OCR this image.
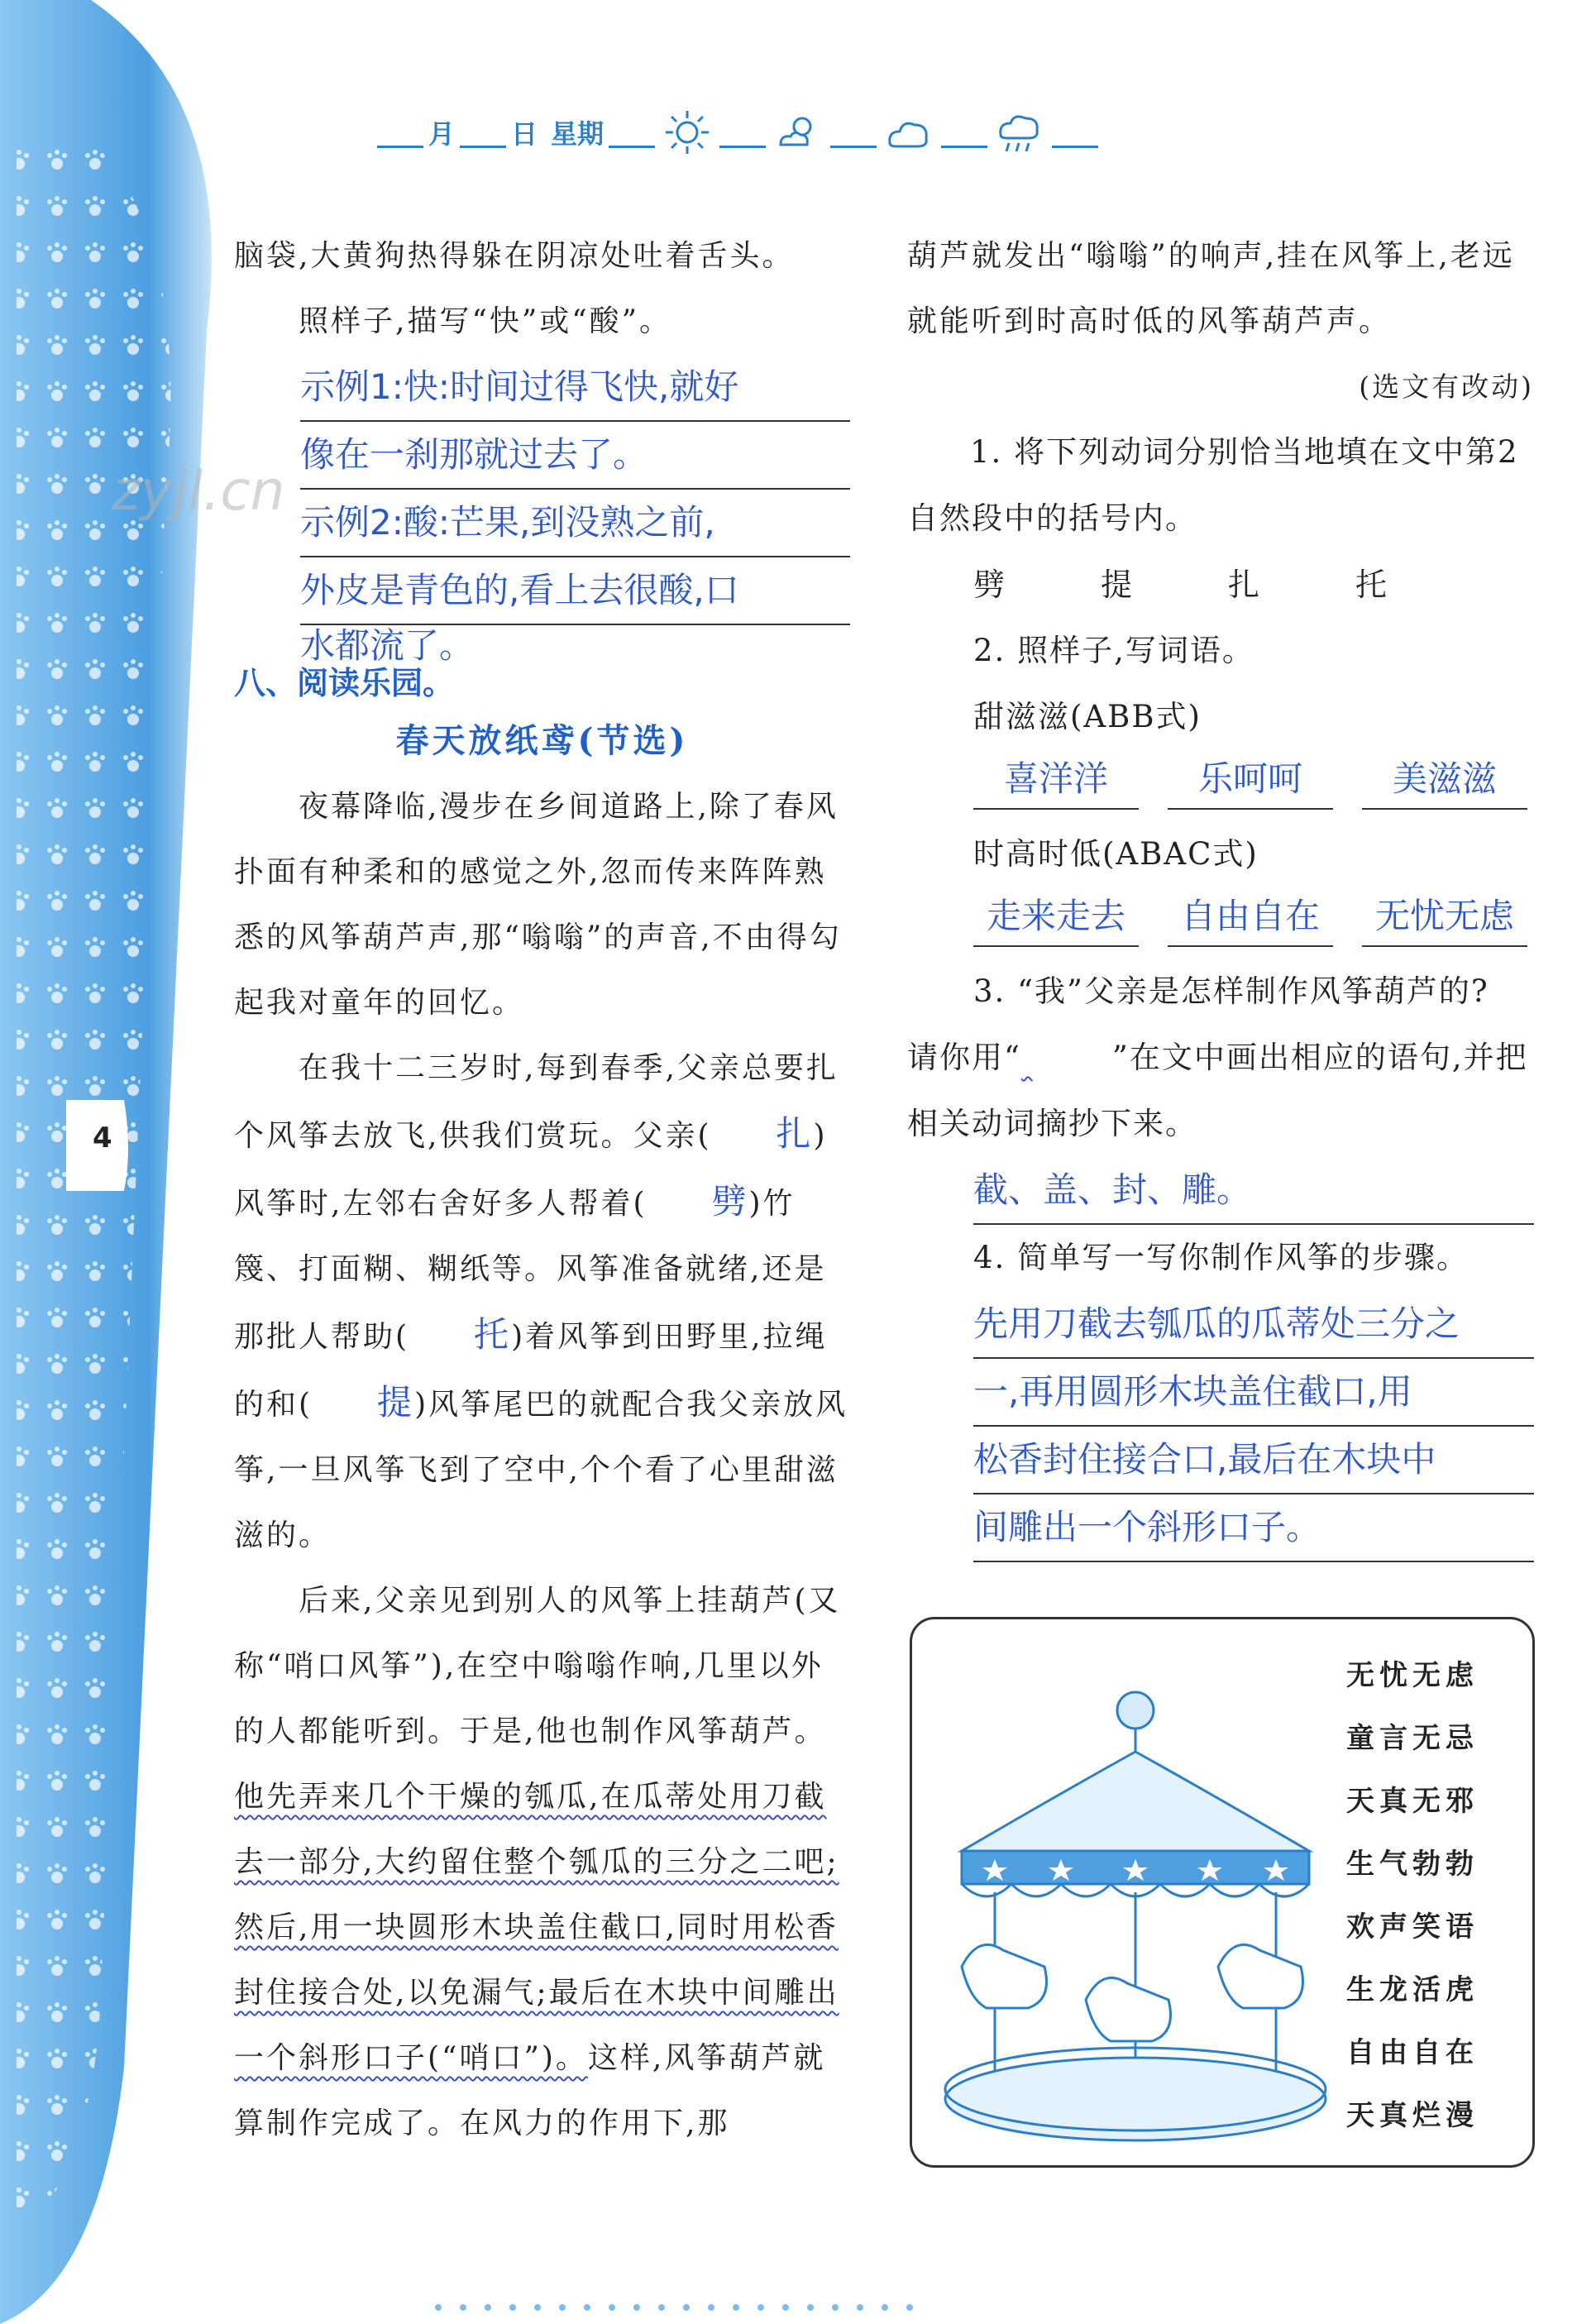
4
zyjl.cn
月 日 星期

脑袋,大黄狗热得躲在阴凉处吐着舌头。

照样子,描写“快”或“酸”。

示例1:快:时间过得飞快,就好
像在一刹那就过去了。
示例2:酸:芒果,到没熟之前,
外皮是青色的,看上去很酸,口
水都流了。
八、阅读乐园。
春天放纸鸢(节选)

夜幕降临,漫步在乡间道路上,除了春风扑面有种柔和的感觉之外,忽而传来阵阵熟悉的风筝葫芦声,那“嗡嗡”的声音,不由得勾起我对童年的回忆。

在我十二三岁时,每到春季,父亲总要扎个风筝去放飞,供我们赏玩。父亲( 扎)风筝时,左邻右舍好多人帮着( 劈)竹篾、打面糊、糊纸等。风筝准备就绪,还是那批人帮助( 托)着风筝到田野里,拉绳的和( 提)风筝尾巴的就配合我父亲放风筝,一旦风筝飞到了空中,个个看了心里甜滋滋的。

后来,父亲见到别人的风筝上挂葫芦(又称“哨口风筝”),在空中嗡嗡作响,几里以外的人都能听到。于是,他也制作风筝葫芦。他先弄来几个干燥的瓠瓜,在瓜蒂处用刀截去一部分,大约留住整个瓠瓜的三分之二吧;然后,用一块圆形木块盖住截口,同时用松香封住接合处,以免漏气;最后在木块中间雕出一个斜形口子(“哨口”)。这样,风筝葫芦就算制作完成了。在风力的作用下,那

葫芦就发出“嗡嗡”的响声,挂在风筝上,老远就能听到时高时低的风筝葫芦声。

(选文有改动)

1. 将下列动词分别恰当地填在文中第2自然段中的括号内。

劈	提	扎	托

2. 照样子,写词语。

甜滋滋(ABB式)

喜洋洋	乐呵呵	美滋滋

时高时低(ABAC式)

走来走去	自由自在	无忧无虑

3. “我”父亲是怎样制作风筝葫芦的?

请你用“	”在文中画出相应的语句,并把相关动词摘抄下来。

截、盖、封、雕。

4. 简单写一写你制作风筝的步骤。

先用刀截去瓠瓜的瓜蒂处三分之
一,再用圆形木块盖住截口,用
松香封住接合口,最后在木块中
间雕出一个斜形口子。
无忧无虑
童言无忌
天真无邪
生气勃勃
欢声笑语
生龙活虎
自由自在
天真烂漫
